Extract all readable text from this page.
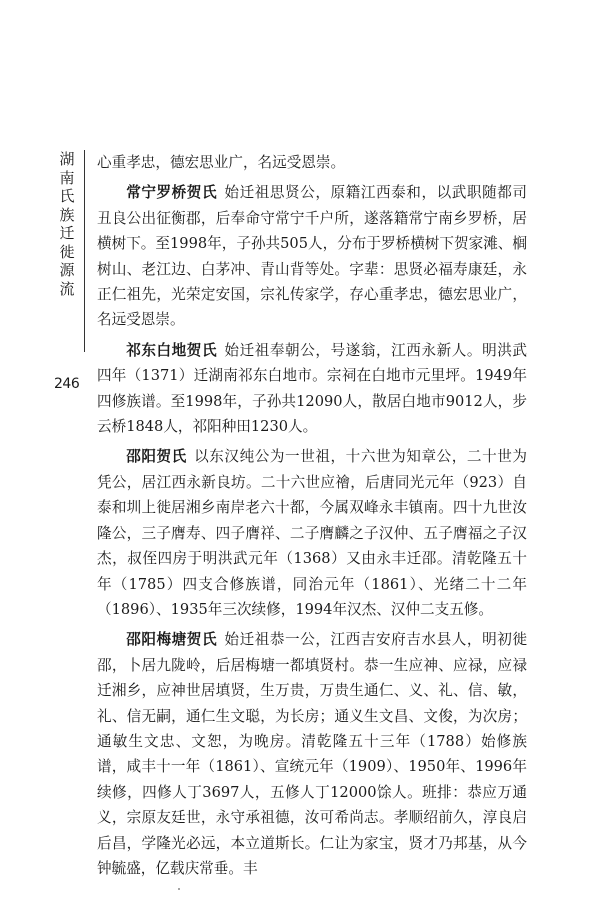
湖南氏族迁徙源流
246

心重孝忠，德宏思业广，名远受恩崇。

常宁罗桥贺氏 始迁祖思贤公，原籍江西泰和，以武职随都司丑良公出征衡郡，后奉命守常宁千户所，遂落籍常宁南乡罗桥，居横树下。至1998年，子孙共505人，分布于罗桥横树下贺家滩、榈树山、老江边、白茅冲、青山背等处。字辈：思贤必福寿康廷，永正仁祖先，光荣定安国，宗礼传家学，存心重孝忠，德宏思业广，名远受恩崇。

祁东白地贺氏 始迁祖奉朝公，号遂翁，江西永新人。明洪武四年（1371）迁湖南祁东白地市。宗祠在白地市元里坪。1949年四修族谱。至1998年，子孙共12090人，散居白地市9012人，步云桥1848人，祁阳种田1230人。

邵阳贺氏 以东汉纯公为一世祖，十六世为知章公，二十世为凭公，居江西永新良坊。二十六世应禬，后唐同光元年（923）自泰和圳上徙居湘乡南岸老六十都，今属双峰永丰镇南。四十九世汝隆公，三子膺寿、四子膺祥、二子膺麟之子汉仲、五子膺福之子汉杰，叔侄四房于明洪武元年（1368）又由永丰迁邵。清乾隆五十年（1785）四支合修族谱，同治元年（1861）、光绪二十二年（1896）、1935年三次续修，1994年汉杰、汉仲二支五修。

邵阳梅塘贺氏 始迁祖恭一公，江西吉安府吉水县人，明初徙邵，卜居九陇岭，后居梅塘一都填贤村。恭一生应神、应禄，应禄迁湘乡，应神世居填贤，生万贵，万贵生通仁、义、礼、信、敏，礼、信无嗣，通仁生文聪，为长房；通义生文昌、文俊，为次房；通敏生文忠、文恕，为晚房。清乾隆五十三年（1788）始修族谱，咸丰十一年（1861）、宣统元年（1909）、1950年、1996年续修，四修人丁3697人，五修人丁12000馀人。班排：恭应万通义，宗原友廷世，永守承祖德，汝可希尚志。孝顺绍前久，淳良启后昌，学隆光必远，本立道斯长。仁让为家宝，贤才乃邦基，从今钟毓盛，亿载庆常垂。丰
